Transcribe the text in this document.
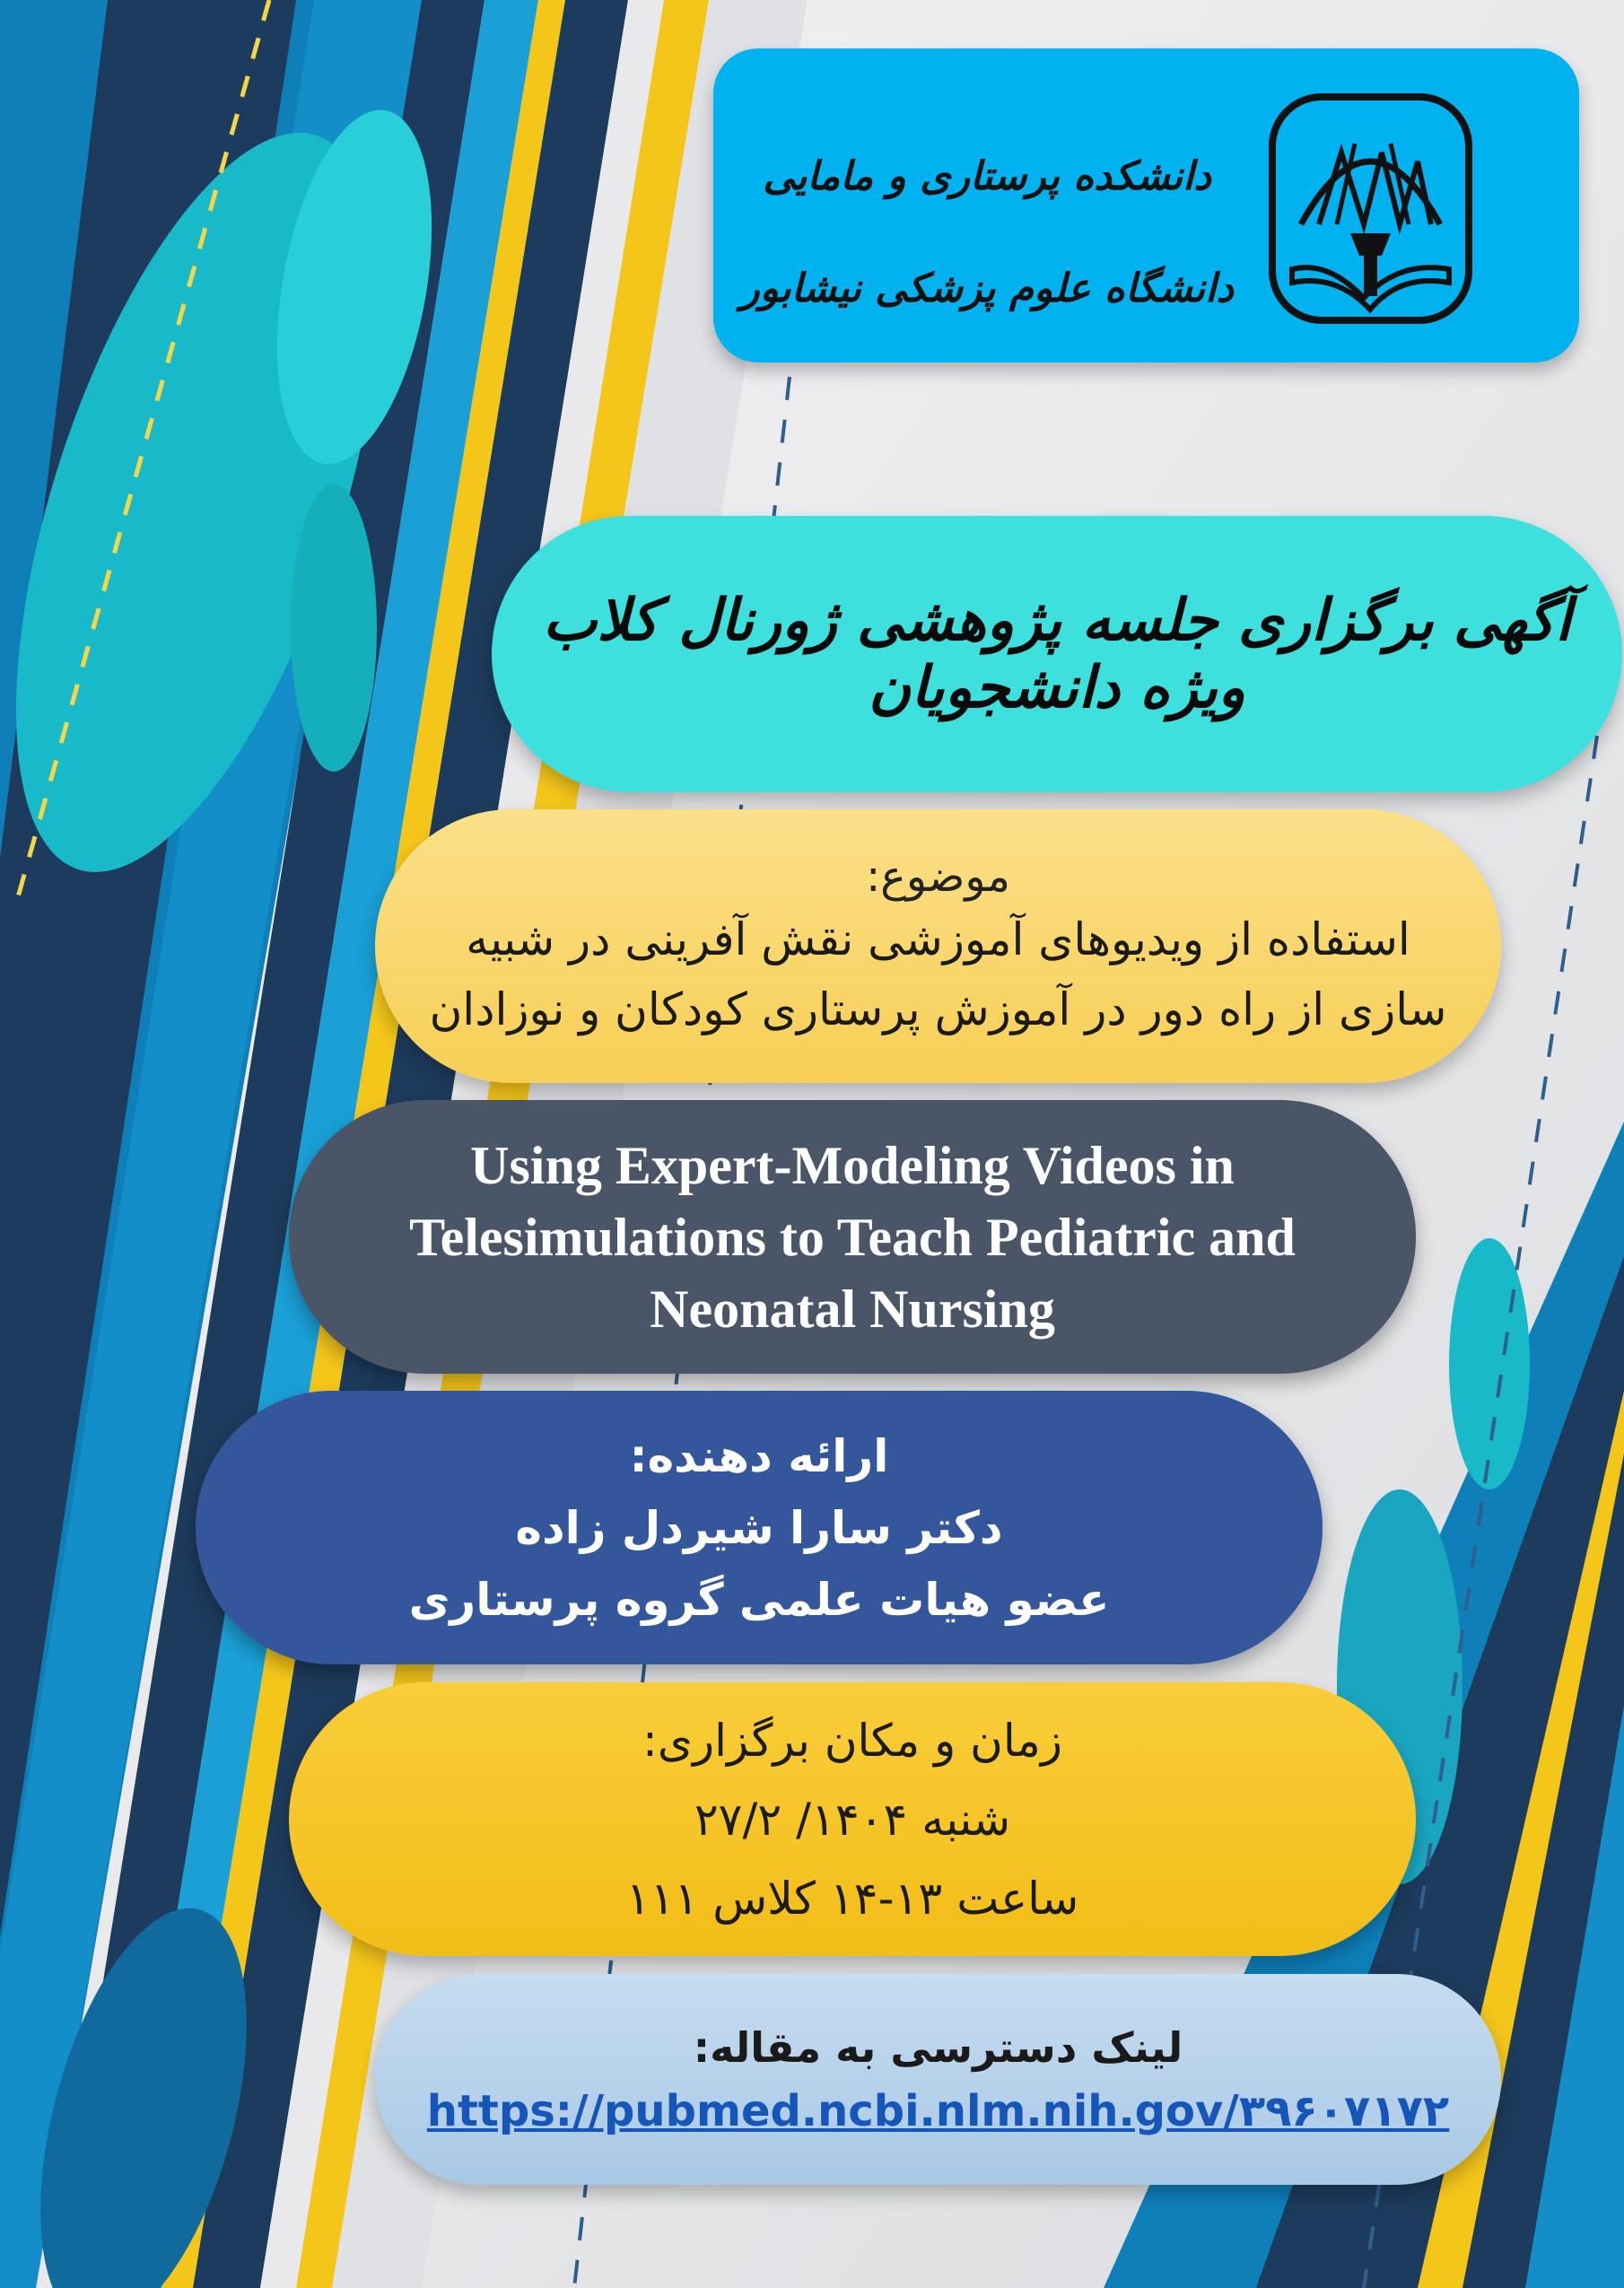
دانشکده پرستاری و مامایی
دانشگاه علوم پزشکی نیشابور
آگهی برگزاری جلسه پژوهشی ژورنال کلاب ویژه دانشجویان
موضوع:
استفاده از ویدیوهای آموزشی نقش آفرینی در شبیه
سازی از راه دور در آموزش پرستاری کودکان و نوزادان
Using Expert-Modeling Videos in
Telesimulations to Teach Pediatric and
Neonatal Nursing
ارائه دهنده:
دکتر سارا شیردل زاده
عضو هیات علمی گروه پرستاری
زمان و مکان برگزاری:
شنبه ۱۴۰۴/ ۲۷/۲
ساعت ۱۳-۱۴ کلاس ۱۱۱
لینک دسترسی به مقاله:
https://pubmed.ncbi.nlm.nih.gov/۳۹۶۰۷۱۷۲
